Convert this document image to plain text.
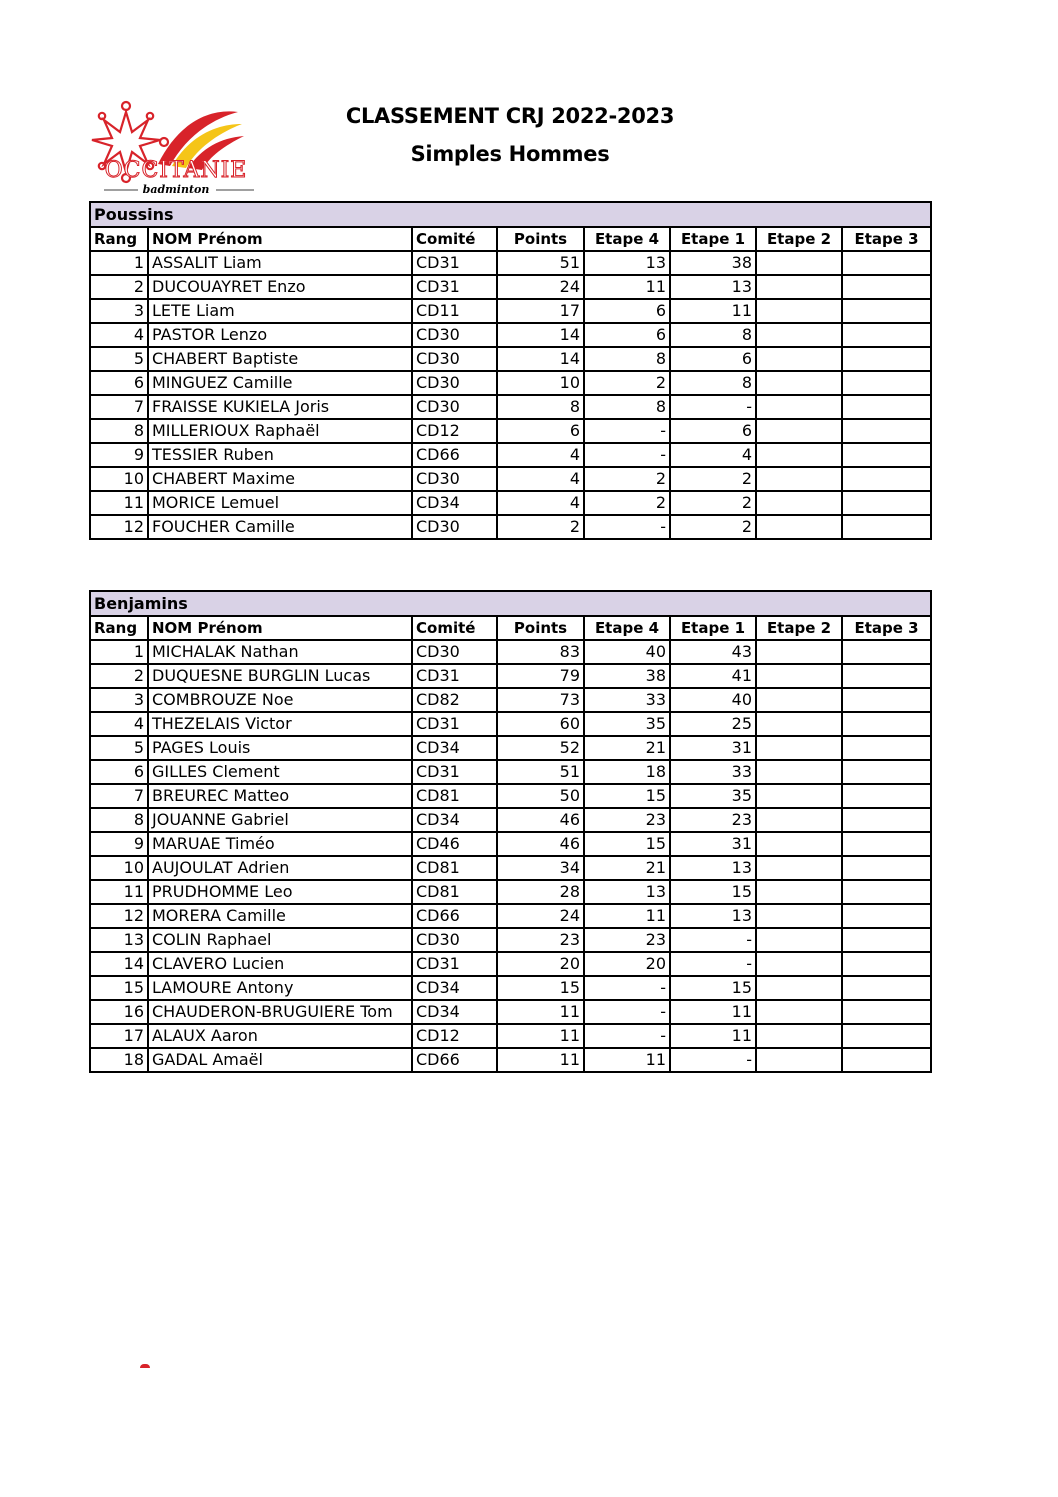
OCCITANIE
badminton
CLASSEMENT CRJ 2022-2023
Simples Hommes
Poussins							
Rang	NOM Prénom	Comité	Points	Etape 4	Etape 1	Etape 2	Etape 3
1	ASSALIT Liam	CD31	51	13	38		
2	DUCOUAYRET Enzo	CD31	24	11	13		
3	LETE Liam	CD11	17	6	11		
4	PASTOR Lenzo	CD30	14	6	8		
5	CHABERT Baptiste	CD30	14	8	6		
6	MINGUEZ Camille	CD30	10	2	8		
7	FRAISSE KUKIELA Joris	CD30	8	8	-		
8	MILLERIOUX Raphaël	CD12	6	-	6		
9	TESSIER Ruben	CD66	4	-	4		
10	CHABERT Maxime	CD30	4	2	2		
11	MORICE Lemuel	CD34	4	2	2		
12	FOUCHER Camille	CD30	2	-	2		
Benjamins							
Rang	NOM Prénom	Comité	Points	Etape 4	Etape 1	Etape 2	Etape 3
1	MICHALAK Nathan	CD30	83	40	43		
2	DUQUESNE BURGLIN Lucas	CD31	79	38	41		
3	COMBROUZE Noe	CD82	73	33	40		
4	THEZELAIS Victor	CD31	60	35	25		
5	PAGES Louis	CD34	52	21	31		
6	GILLES Clement	CD31	51	18	33		
7	BREUREC Matteo	CD81	50	15	35		
8	JOUANNE Gabriel	CD34	46	23	23		
9	MARUAE Timéo	CD46	46	15	31		
10	AUJOULAT Adrien	CD81	34	21	13		
11	PRUDHOMME Leo	CD81	28	13	15		
12	MORERA Camille	CD66	24	11	13		
13	COLIN Raphael	CD30	23	23	-		
14	CLAVERO Lucien	CD31	20	20	-		
15	LAMOURE Antony	CD34	15	-	15		
16	CHAUDERON-BRUGUIERE Tom	CD34	11	-	11		
17	ALAUX Aaron	CD12	11	-	11		
18	GADAL Amaël	CD66	11	11	-		
